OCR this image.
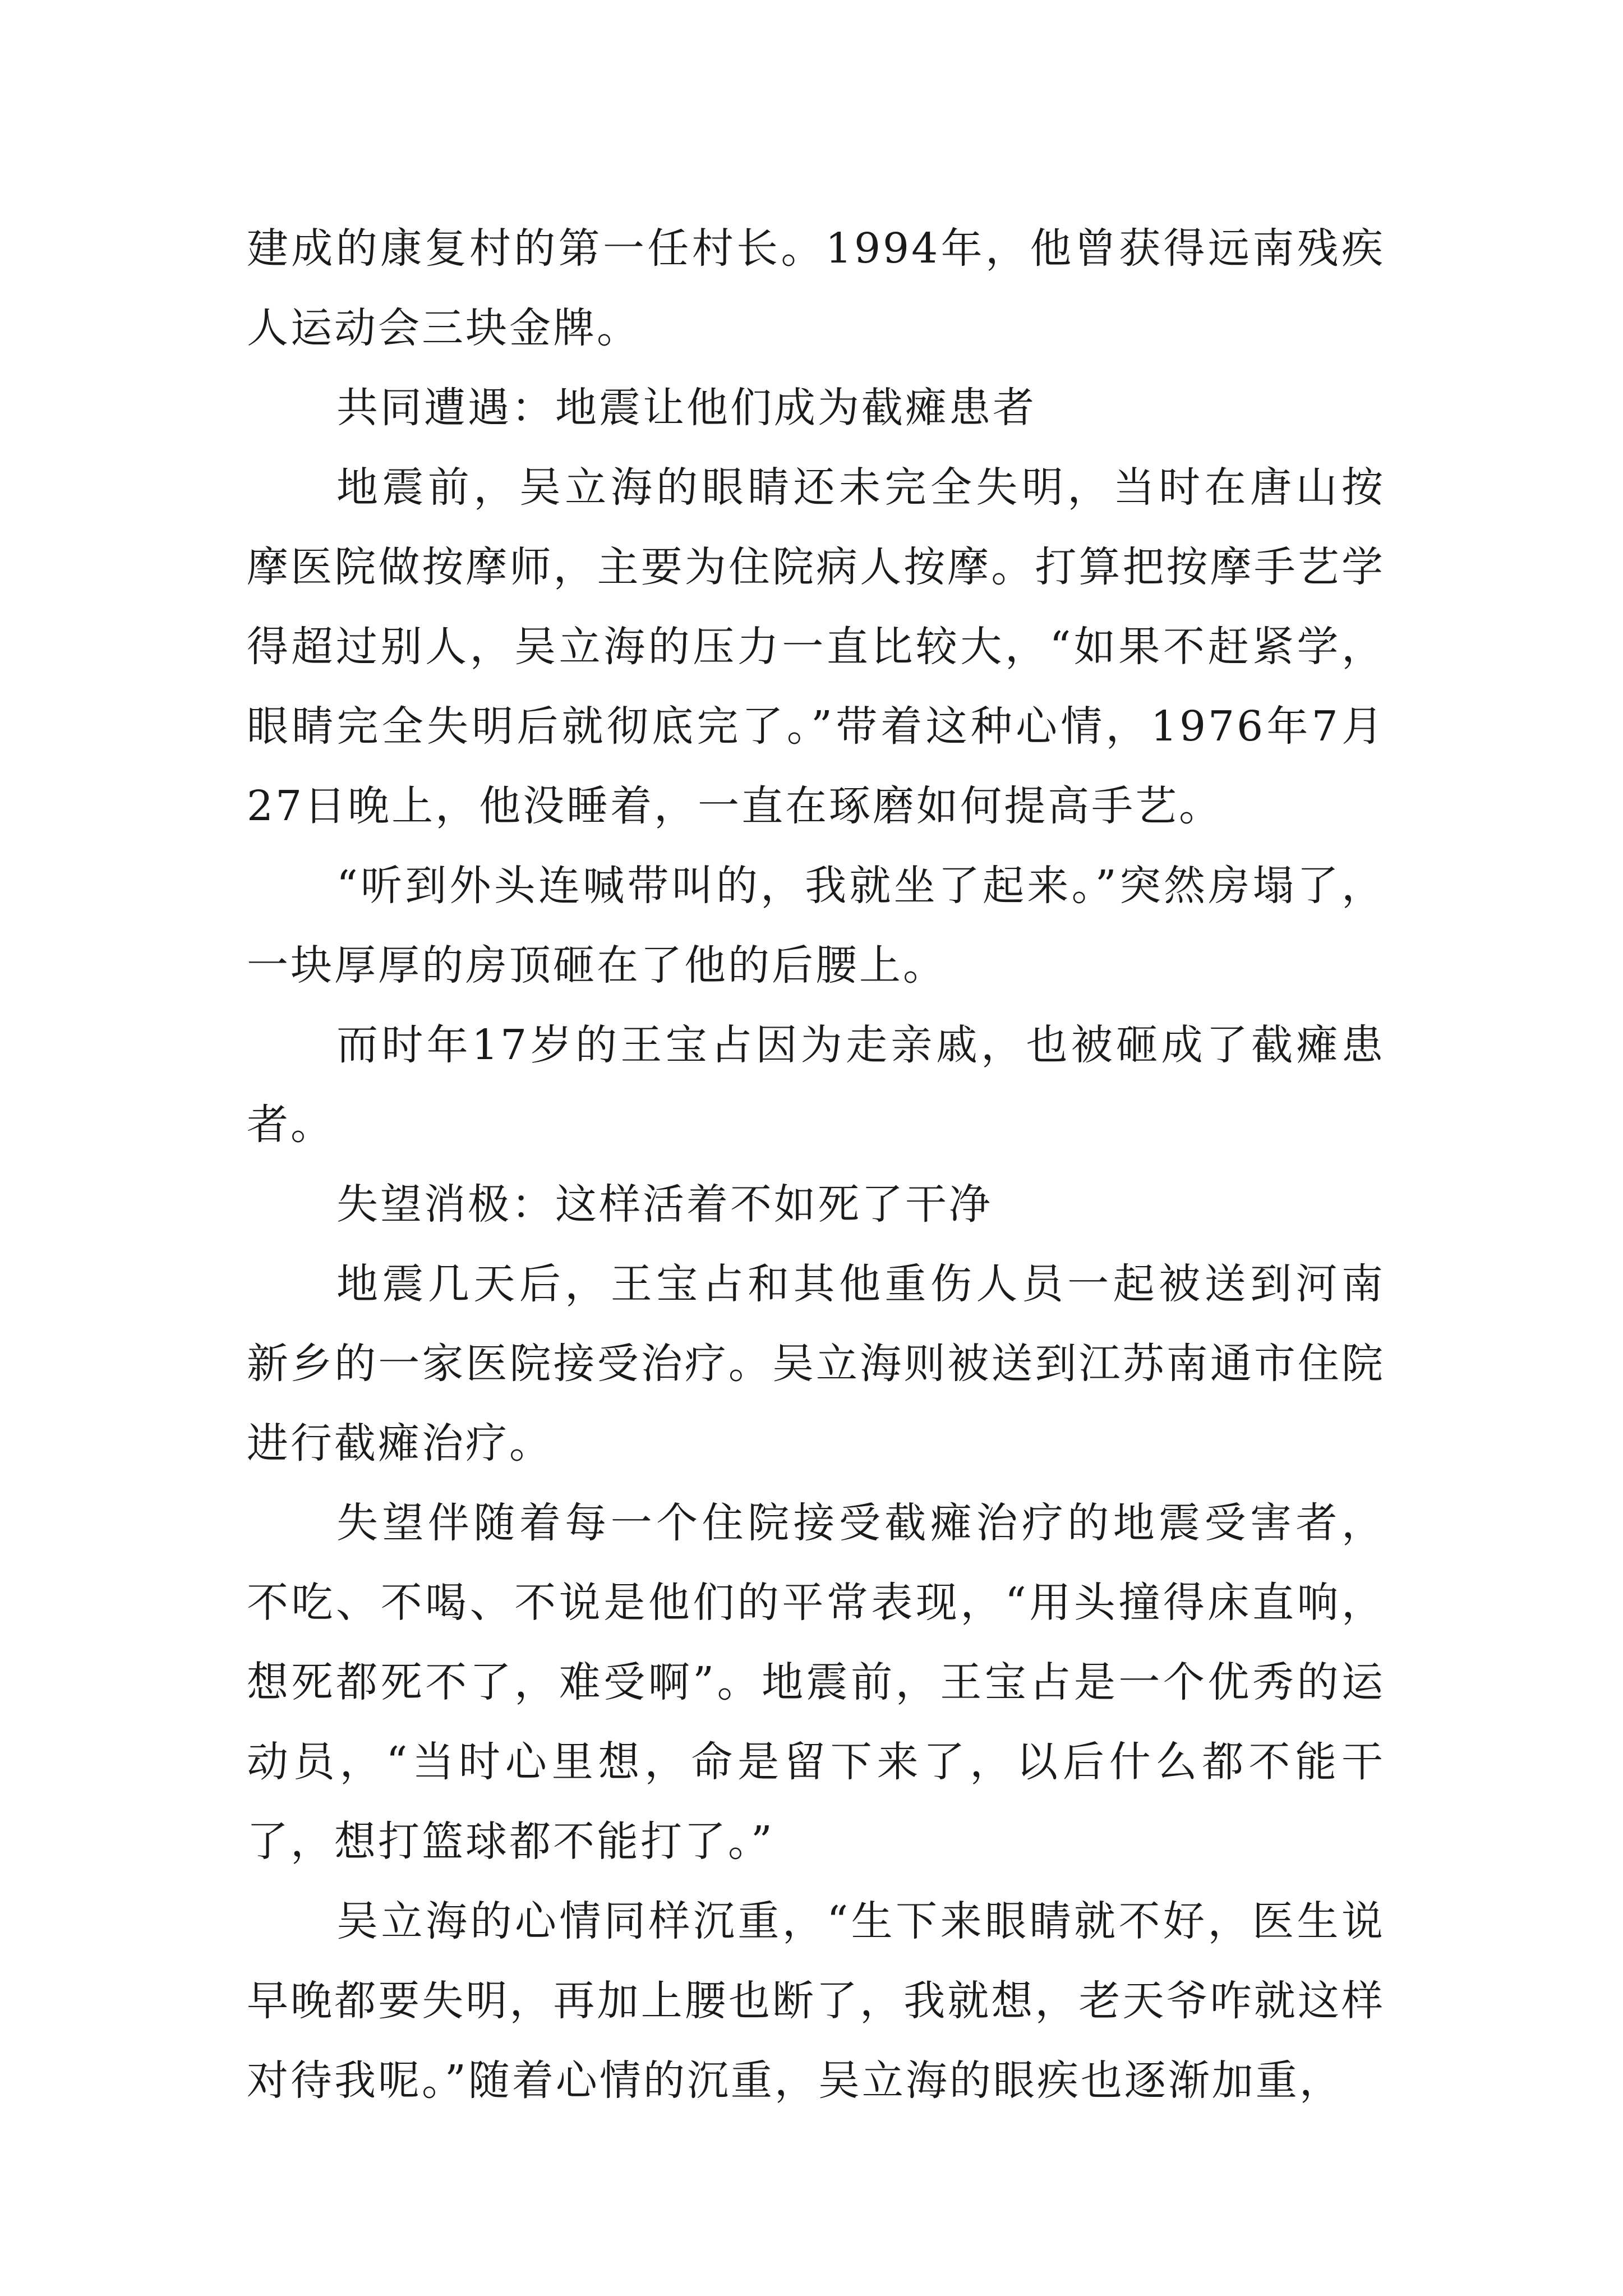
建成的康复村的第一任村长。1994年，他曾获得远南残疾人运动会三块金牌。

共同遭遇：地震让他们成为截瘫患者

地震前，吴立海的眼睛还未完全失明，当时在唐山按摩医院做按摩师，主要为住院病人按摩。打算把按摩手艺学得超过别人，吴立海的压力一直比较大，“如果不赶紧学，眼睛完全失明后就彻底完了。”带着这种心情，1976年7月27日晚上，他没睡着，一直在琢磨如何提高手艺。

“听到外头连喊带叫的，我就坐了起来。”突然房塌了，一块厚厚的房顶砸在了他的后腰上。

而时年17岁的王宝占因为走亲戚，也被砸成了截瘫患者。

失望消极：这样活着不如死了干净

地震几天后，王宝占和其他重伤人员一起被送到河南新乡的一家医院接受治疗。吴立海则被送到江苏南通市住院进行截瘫治疗。

失望伴随着每一个住院接受截瘫治疗的地震受害者，不吃、不喝、不说是他们的平常表现，“用头撞得床直响，想死都死不了，难受啊”。地震前，王宝占是一个优秀的运动员，“当时心里想，命是留下来了，以后什么都不能干了，想打篮球都不能打了。”

吴立海的心情同样沉重，“生下来眼睛就不好，医生说早晚都要失明，再加上腰也断了，我就想，老天爷咋就这样对待我呢。”随着心情的沉重，吴立海的眼疾也逐渐加重，
